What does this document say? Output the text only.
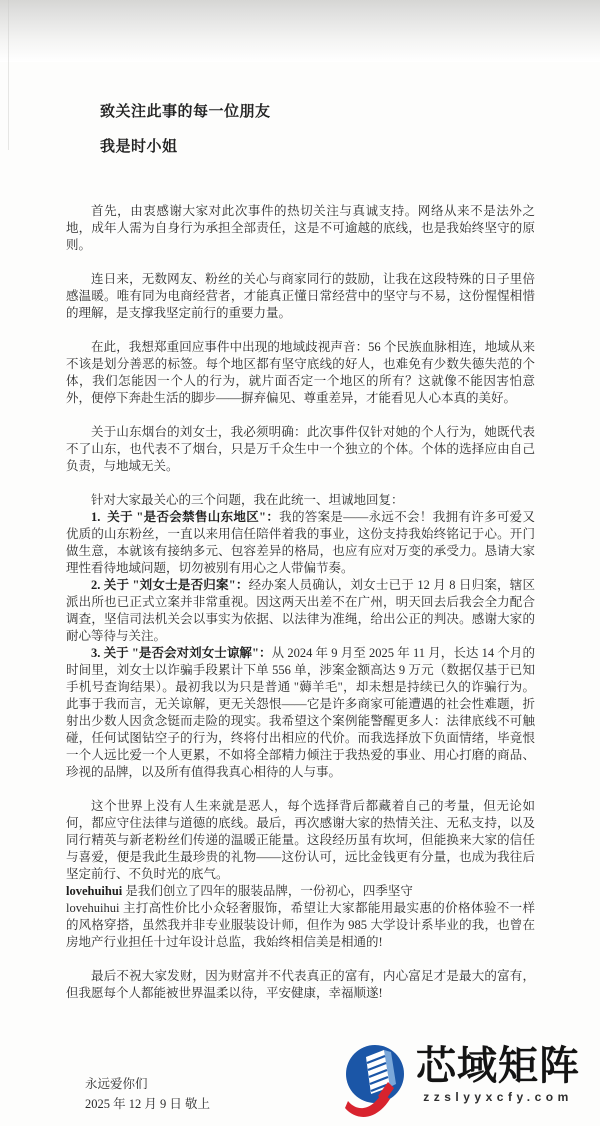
致关注此事的每一位朋友
我是时小姐

首先，由衷感谢大家对此次事件的热切关注与真诚支持。网络从来不是法外之地，成年人需为自身行为承担全部责任，这是不可逾越的底线，也是我始终坚守的原则。

连日来，无数网友、粉丝的关心与商家同行的鼓励，让我在这段特殊的日子里倍感温暖。唯有同为电商经营者，才能真正懂日常经营中的坚守与不易，这份惺惺相惜的理解，是支撑我坚定前行的重要力量。

在此，我想郑重回应事件中出现的地域歧视声音：56 个民族血脉相连，地域从来不该是划分善恶的标签。每个地区都有坚守底线的好人，也难免有少数失德失范的个体，我们怎能因一个人的行为，就片面否定一个地区的所有？这就像不能因害怕意外，便停下奔赴生活的脚步——摒弃偏见、尊重差异，才能看见人心本真的美好。

关于山东烟台的刘女士，我必须明确：此次事件仅针对她的个人行为，她既代表不了山东，也代表不了烟台，只是万千众生中一个独立的个体。个体的选择应由自己负责，与地域无关。

针对大家最关心的三个问题，我在此统一、坦诚地回复：

1.  关于 "是否会禁售山东地区"：我的答案是——永远不会！我拥有许多可爱又优质的山东粉丝，一直以来用信任陪伴着我的事业，这份支持我始终铭记于心。开门做生意，本就该有接纳多元、包容差异的格局，也应有应对万变的承受力。恳请大家理性看待地域问题，切勿被别有用心之人带偏节奏。

2. 关于 "刘女士是否归案"：经办案人员确认，刘女士已于 12 月 8 日归案，辖区派出所也已正式立案并非常重视。因这两天出差不在广州，明天回去后我会全力配合调查，坚信司法机关会以事实为依据、以法律为准绳，给出公正的判决。感谢大家的耐心等待与关注。

3. 关于 "是否会对刘女士谅解"：从 2024 年 9 月至 2025 年 11 月，长达 14 个月的时间里，刘女士以诈骗手段累计下单 556 单，涉案金额高达 9 万元（数据仅基于已知手机号查询结果）。最初我以为只是普通 "薅羊毛"，却未想是持续已久的诈骗行为。此事于我而言，无关谅解，更无关怨恨——它是许多商家可能遭遇的社会性难题，折射出少数人因贪念铤而走险的现实。我希望这个案例能警醒更多人：法律底线不可触碰，任何试图钻空子的行为，终将付出相应的代价。而我选择放下负面情绪，毕竟恨一个人远比爱一个人更累，不如将全部精力倾注于我热爱的事业、用心打磨的商品、珍视的品牌，以及所有值得我真心相待的人与事。

这个世界上没有人生来就是恶人，每个选择背后都藏着自己的考量，但无论如何，都应守住法律与道德的底线。最后，再次感谢大家的热情关注、无私支持，以及同行精英与新老粉丝们传递的温暖正能量。这段经历虽有坎坷，但能换来大家的信任与喜爱，便是我此生最珍贵的礼物——这份认可，远比金钱更有分量，也成为我往后坚定前行、不负时光的底气。

lovehuihui 是我们创立了四年的服装品牌，一份初心，四季坚守

lovehuihui 主打高性价比小众轻奢服饰，希望让大家都能用最实惠的价格体验不一样的风格穿搭，虽然我并非专业服装设计师，但作为 985 大学设计系毕业的我，也曾在房地产行业担任十过年设计总监，我始终相信美是相通的!

最后不祝大家发财，因为财富并不代表真正的富有，内心富足才是最大的富有，但我愿每个人都能被世界温柔以待，平安健康，幸福顺遂!

永远爱你们

2025 年 12 月 9 日 敬上

芯域矩阵
zzslyyxcfy.com
